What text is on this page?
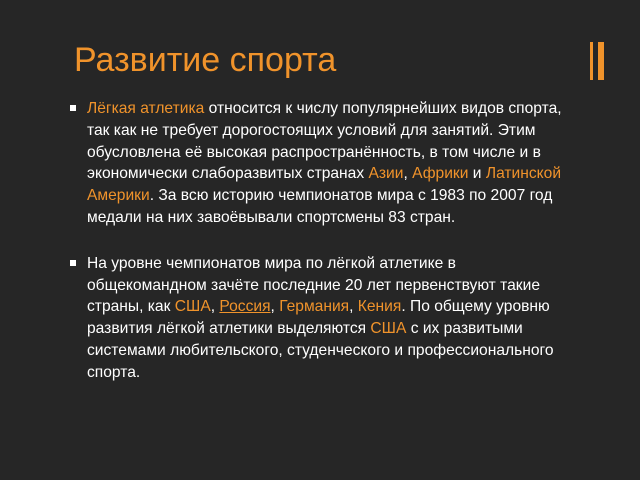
Развитие спорта

Лёгкая атлетика относится к числу популярнейших видов спорта, так как не требует дорогостоящих условий для занятий. Этим обусловлена её высокая распространённость, в том числе и в экономически слаборазвитых странах Азии, Африки и Латинской Америки. За всю историю чемпионатов мира с 1983 по 2007 год медали на них завоёвывали спортсмены 83 стран.

На уровне чемпионатов мира по лёгкой атлетике в общекомандном зачёте последние 20 лет первенствуют такие страны, как США, Россия, Германия, Кения. По общему уровню развития лёгкой атлетики выделяются США с их развитыми системами любительского, студенческого и профессионального спорта.
